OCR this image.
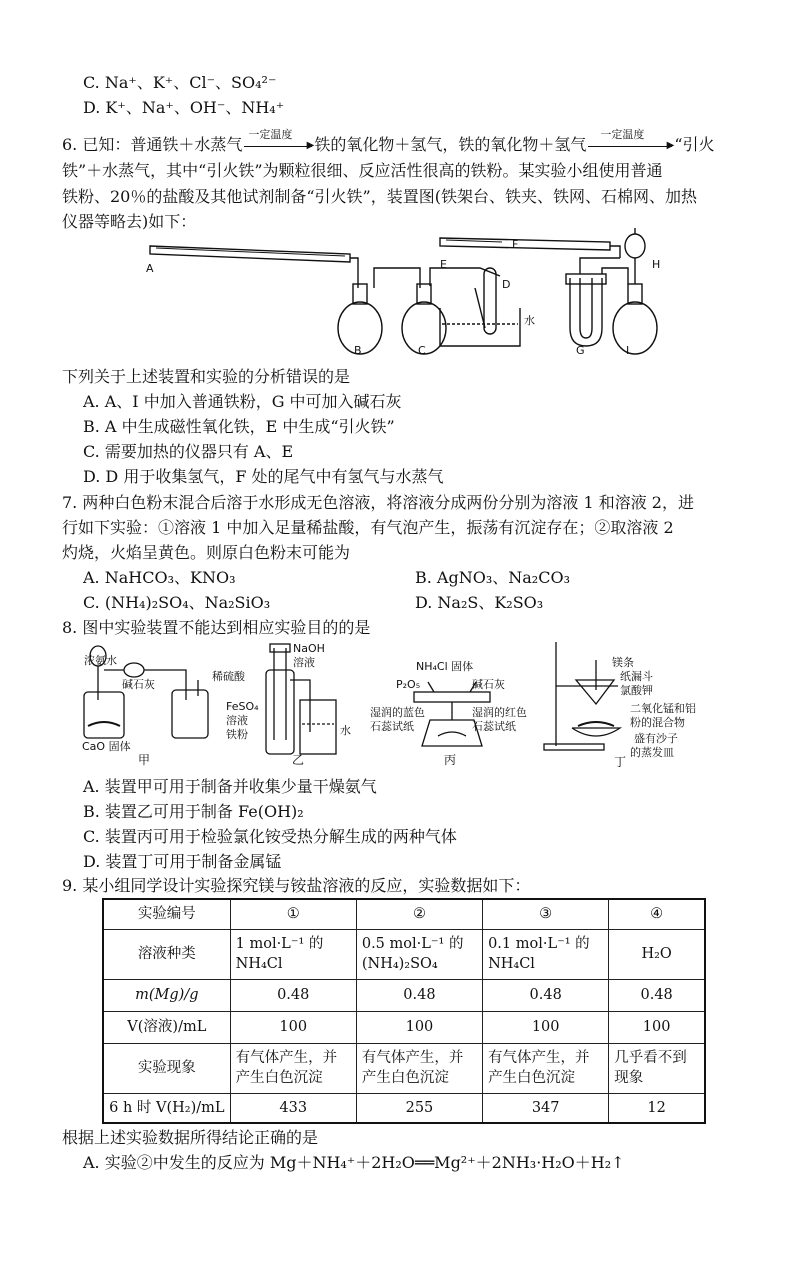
C. Na⁺、K⁺、Cl⁻、SO₄²⁻
D. K⁺、Na⁺、OH⁻、NH₄⁺
6. 已知：普通铁＋水蒸气
一定温度
▶ 铁的氧化物＋氢气，铁的氧化物＋氢气
一定温度
▶ “引火
铁”＋水蒸气，其中“引火铁”为颗粒很细、反应活性很高的铁粉。某实验小组使用普通
铁粉、20％的盐酸及其他试剂制备“引火铁”，装置图(铁架台、铁夹、铁网、石棉网、加热
仪器等略去)如下：
A
B	C
D
水
E
F
G
H
I
下列关于上述装置和实验的分析错误的是
A. A、I 中加入普通铁粉，G 中可加入碱石灰
B. A 中生成磁性氧化铁，E 中生成“引火铁”
C. 需要加热的仪器只有 A、E
D. D 用于收集氢气，F 处的尾气中有氢气与水蒸气
7. 两种白色粉末混合后溶于水形成无色溶液，将溶液分成两份分别为溶液 1 和溶液 2，进
行如下实验：①溶液 1 中加入足量稀盐酸，有气泡产生，振荡有沉淀存在；②取溶液 2
灼烧，火焰呈黄色。则原白色粉末可能为
A. NaHCO₃、KNO₃	B. AgNO₃、Na₂CO₃
C. (NH₄)₂SO₄、Na₂SiO₃	D. Na₂S、K₂SO₃
8. 图中实验装置不能达到相应实验目的的是
浓氨水
碱石灰
CaO 固体
甲
NaOH
溶液
稀硫酸
FeSO₄
溶液
铁粉	水
乙
NH₄Cl 固体
P₂O₅	碱石灰
湿润的蓝色
石蕊试纸
湿润的红色
石蕊试纸
丙
镁条
纸漏斗
氯酸钾
二氧化锰和铝
粉的混合物
盛有沙子
的蒸发皿
丁
A. 装置甲可用于制备并收集少量干燥氨气
B. 装置乙可用于制备 Fe(OH)₂
C. 装置丙可用于检验氯化铵受热分解生成的两种气体
D. 装置丁可用于制备金属锰
9. 某小组同学设计实验探究镁与铵盐溶液的反应，实验数据如下：
实验编号	①	②	③	④
溶液种类	1 mol·L⁻¹ 的 NH₄Cl	0.5 mol·L⁻¹ 的(NH₄)₂SO₄	0.1 mol·L⁻¹ 的 NH₄Cl	H₂O
m(Mg)/g	0.48	0.48	0.48	0.48
V(溶液)/mL	100	100	100	100
实验现象	有气体产生，并产生白色沉淀	有气体产生，并产生白色沉淀	有气体产生，并产生白色沉淀	几乎看不到现象
6 h 时 V(H₂)/mL	433	255	347	12
根据上述实验数据所得结论正确的是
A. 实验②中发生的反应为 Mg＋NH₄⁺＋2H₂O══Mg²⁺＋2NH₃·H₂O＋H₂↑
